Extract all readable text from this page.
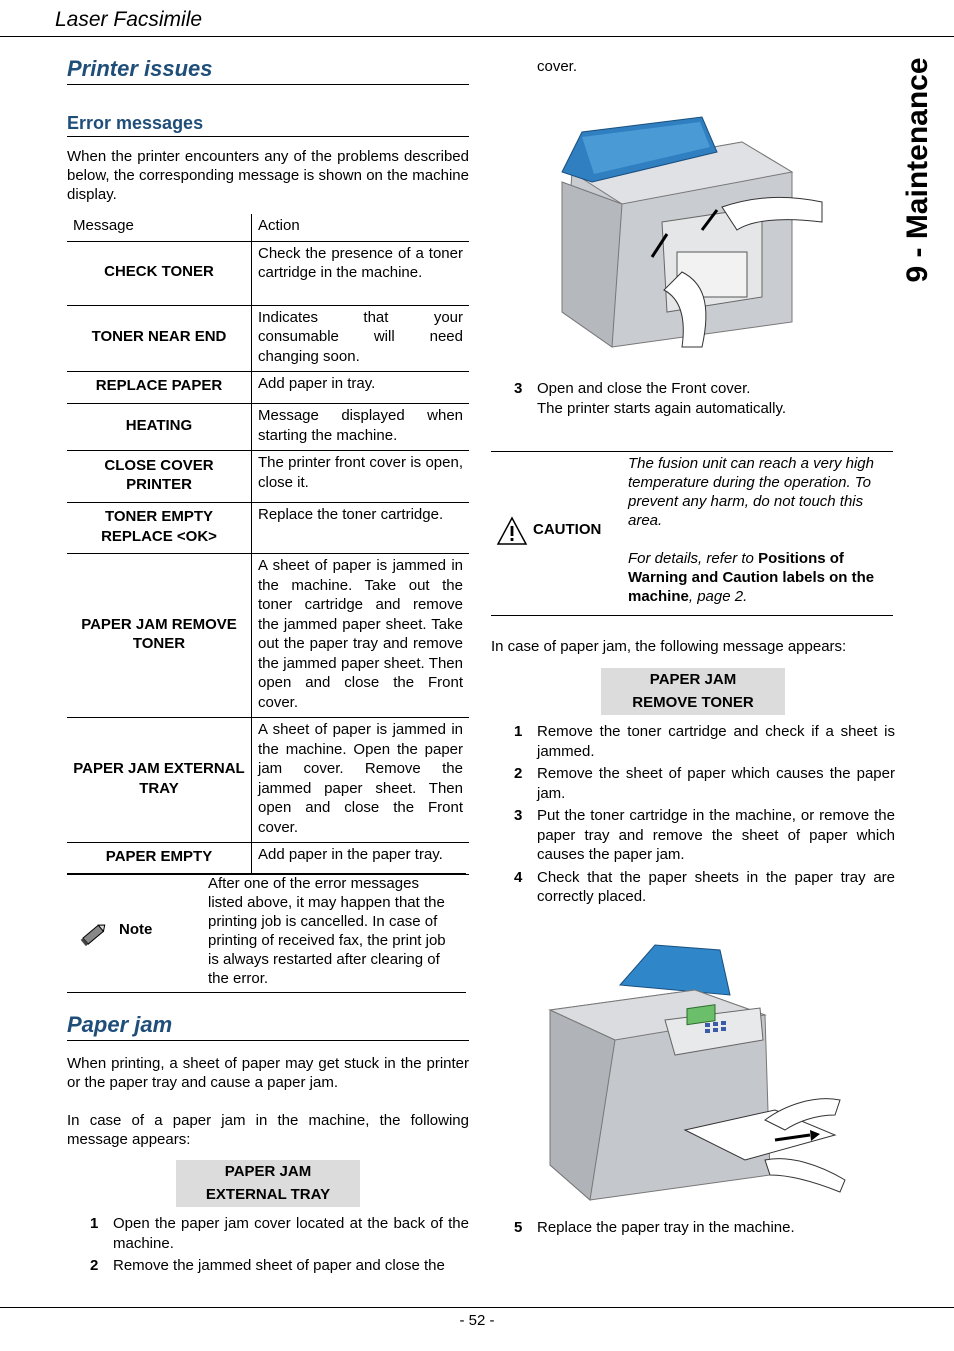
Laser Facsimile
9 - Maintenance
- 52 -
Printer issues
Error messages
When the printer encounters any of the problems described below, the corresponding message is shown on the machine display.
Message	Action
CHECK TONER	Check the presence of a toner cartridge in the machine.
TONER NEAR END	Indicates that your consumable will need changing soon.
REPLACE PAPER	Add paper in tray.
HEATING	Message displayed when starting the machine.
CLOSE COVER PRINTER	The printer front cover is open, close it.
TONER EMPTY REPLACE <OK>	Replace the toner cartridge.
PAPER JAM REMOVE TONER	A sheet of paper is jammed in the machine. Take out the toner cartridge and remove the jammed paper sheet. Take out the paper tray and remove the jammed paper sheet. Then open and close the Front cover.
PAPER JAM EXTERNAL TRAY	A sheet of paper is jammed in the machine. Open the paper jam cover. Remove the jammed paper sheet. Then open and close the Front cover.
PAPER EMPTY	Add paper in the paper tray.
Note
After one of the error messages listed above, it may happen that the printing job is cancelled. In case of printing of received fax, the print job is always restarted after clearing of the error.
Paper jam
When printing, a sheet of paper may get stuck in the printer or the paper tray and cause a paper jam.
In case of a paper jam in the machine, the following message appears:
PAPER JAM
EXTERNAL TRAY
1 Open the paper jam cover located at the back of the machine.
2 Remove the jammed sheet of paper and close the
cover.
3 Open and close the Front cover.
The printer starts again automatically.
CAUTION
The fusion unit can reach a very high temperature during the operation. To prevent any harm, do not touch this area.
For details, refer to Positions of Warning and Caution labels on the machine, page 2.
In case of paper jam, the following message appears:
PAPER JAM
REMOVE TONER
1 Remove the toner cartridge and check if a sheet is jammed.
2 Remove the sheet of paper which causes the paper jam.
3 Put the toner cartridge in the machine, or remove the paper tray and remove the sheet of paper which causes the paper jam.
4 Check that the paper sheets in the paper tray are correctly placed.
5 Replace the paper tray in the machine.
